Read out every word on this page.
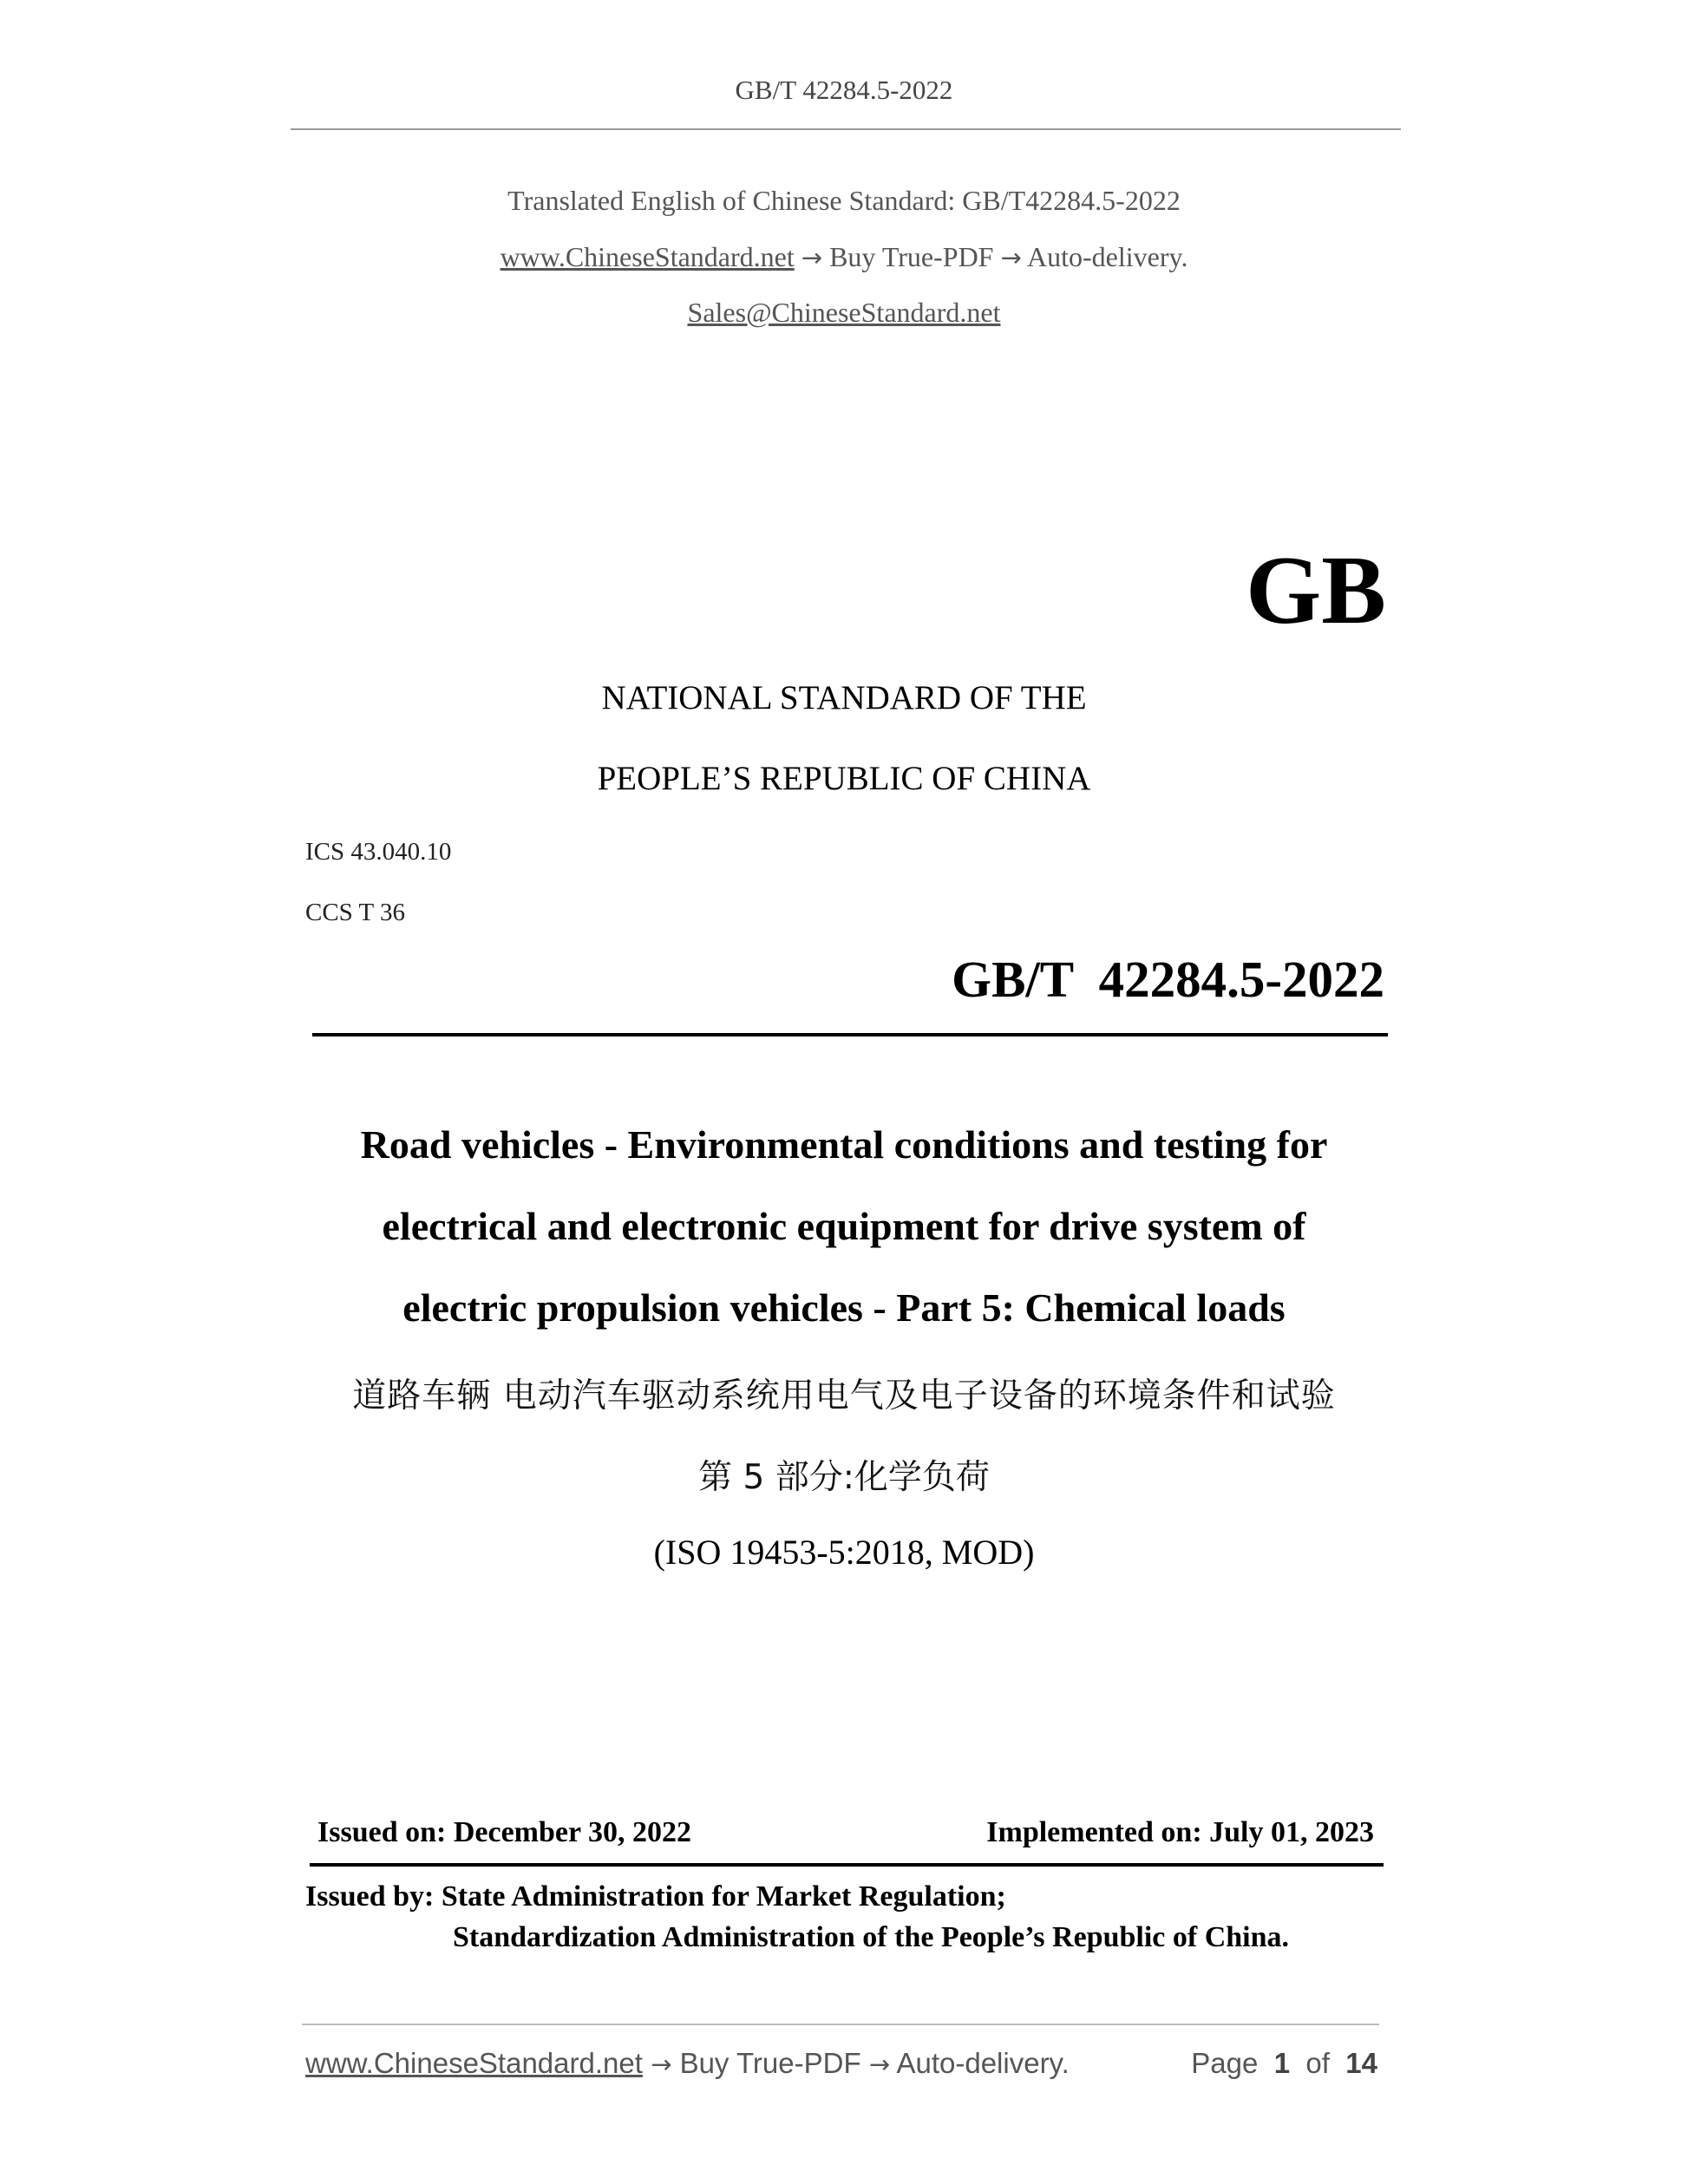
GB/T 42284.5-2022
Translated English of Chinese Standard: GB/T42284.5-2022
www.ChineseStandard.net → Buy True-PDF → Auto-delivery.
Sales@ChineseStandard.net
GB
NATIONAL STANDARD OF THE
PEOPLE’S REPUBLIC OF CHINA
ICS 43.040.10
CCS T 36
GB/T  42284.5-2022
Road vehicles - Environmental conditions and testing for
electrical and electronic equipment for drive system of
electric propulsion vehicles - Part 5: Chemical loads
道路车辆 电动汽车驱动系统用电气及电子设备的环境条件和试验
第 5 部分:化学负荷
(ISO 19453-5:2018, MOD)
Issued on: December 30, 2022	Implemented on: July 01, 2023
Issued by: State Administration for Market Regulation;
Standardization Administration of the People’s Republic of China.
www.ChineseStandard.net → Buy True-PDF → Auto-delivery.	Page 1 of 14
